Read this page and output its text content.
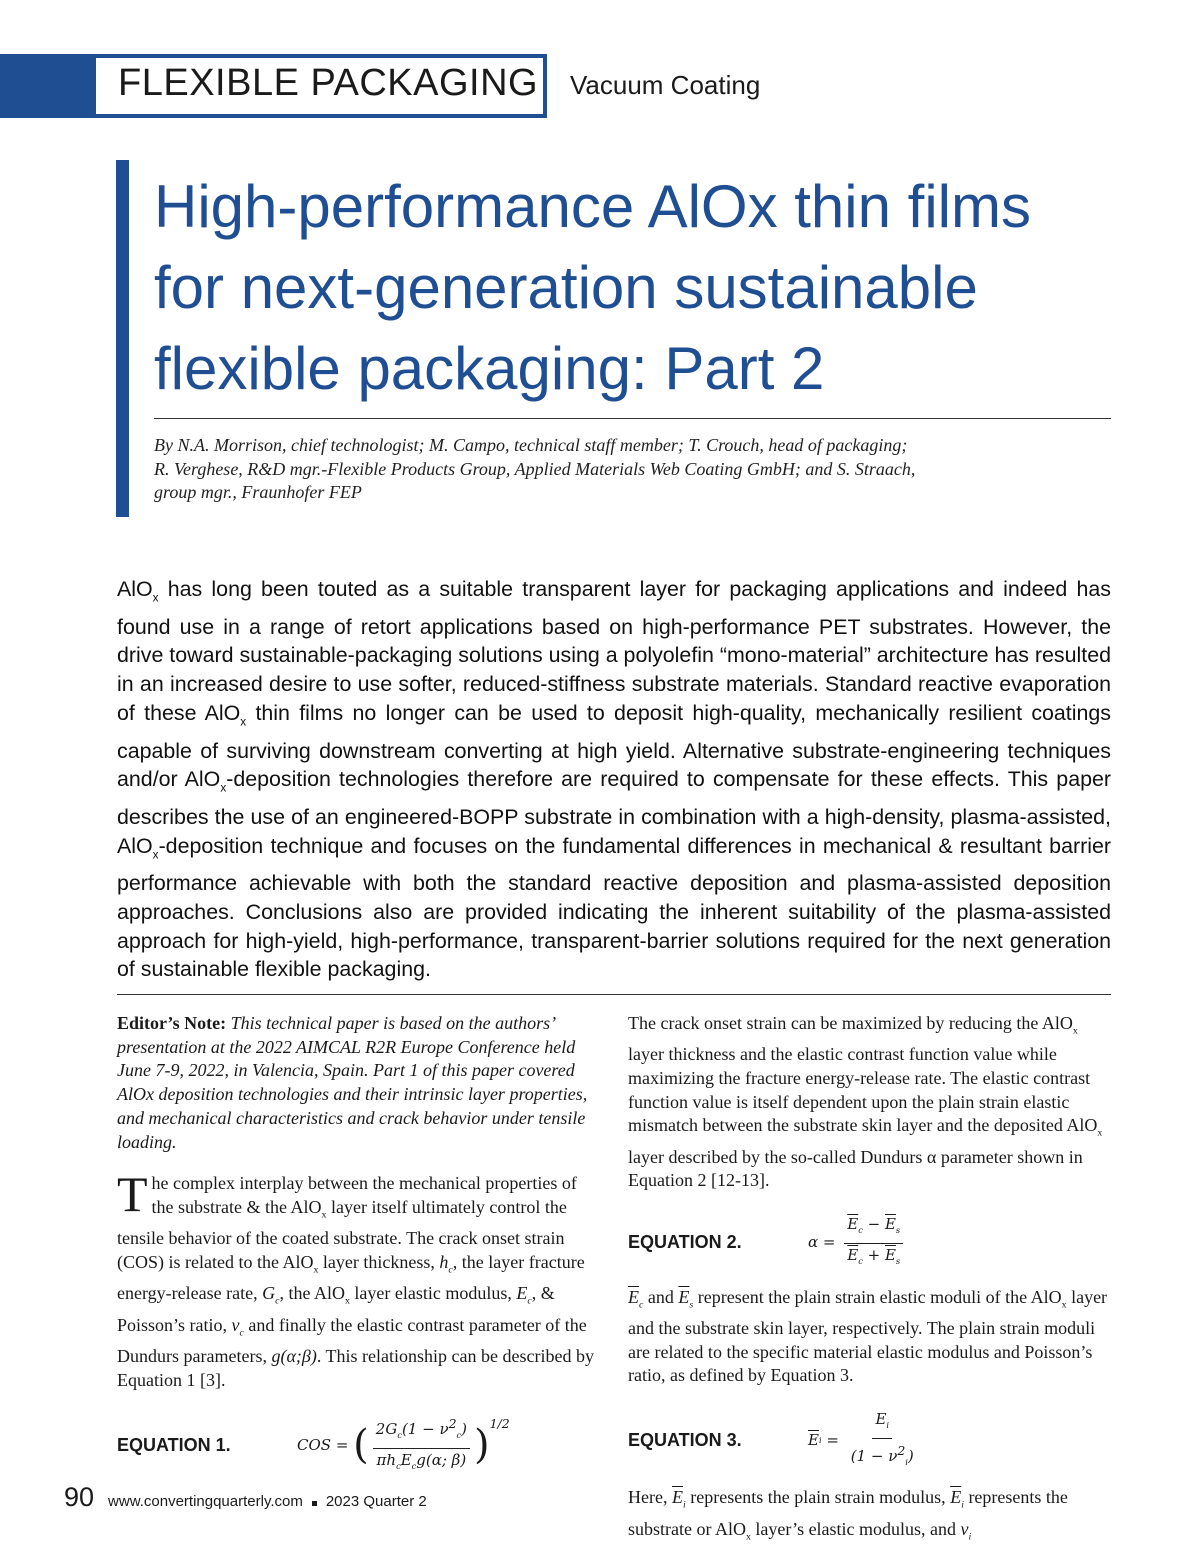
FLEXIBLE PACKAGING Vacuum Coating
High-performance AlOx thin films for next-generation sustainable flexible packaging: Part 2
By N.A. Morrison, chief technologist; M. Campo, technical staff member; T. Crouch, head of packaging;
R. Verghese, R&D mgr.-Flexible Products Group, Applied Materials Web Coating GmbH; and S. Straach,
group mgr., Fraunhofer FEP
AlO$_x$ has long been touted as a suitable transparent layer for packaging applications and indeed has found use in a range of retort applications based on high-performance PET substrates. However, the drive toward sustainable-packaging solutions using a polyolefin “mono-material” architecture has resulted in an increased desire to use softer, reduced-stiffness substrate materials. Standard reactive evaporation of these AlO$_x$ thin films no longer can be used to deposit high-quality, mechanically resilient coatings capable of surviving downstream converting at high yield. Alternative substrate-engineering techniques and/or AlO$_x$-deposition technologies therefore are required to compensate for these effects. This paper describes the use of an engineered-BOPP substrate in combination with a high-density, plasma-assisted, AlO$_x$-deposition technique and focuses on the fundamental differences in mechanical & resultant barrier performance achievable with both the standard reactive deposition and plasma-assisted deposition approaches. Conclusions also are provided indicating the inherent suitability of the plasma-assisted approach for high-yield, high-performance, transparent-barrier solutions required for the next generation of sustainable flexible packaging.
Editor’s Note: This technical paper is based on the authors’ presentation at the 2022 AIMCAL R2R Europe Conference held June 7-9, 2022, in Valencia, Spain. Part 1 of this paper covered AlOx deposition technologies and their intrinsic layer properties, and mechanical characteristics and crack behavior under tensile loading.
The complex interplay between the mechanical properties of the substrate & the AlO$_x$ layer itself ultimately control the tensile behavior of the coated substrate. The crack onset strain (COS) is related to the AlO$_x$ layer thickness, $h_c$, the layer fracture energy-release rate, $G_c$, the AlO$_x$ layer elastic modulus, $E_c$, & Poisson’s ratio, $v_c$ and finally the elastic contrast parameter of the Dundurs parameters, g(α;β). This relationship can be described by Equation 1 [3].
EQUATION 1.	COS = ( $\frac{2G_c(1 - \nu^2_c)}{\pi h_cE_cg(\alpha; \beta)} )^{1/2}$
The crack onset strain can be maximized by reducing the AlO$_x$ layer thickness and the elastic contrast function value while maximizing the fracture energy-release rate. The elastic contrast function value is itself dependent upon the plain strain elastic mismatch between the substrate skin layer and the deposited AlO$_x$ layer described by the so-called Dundurs α parameter shown in Equation 2 [12-13].
EQUATION 2.	$\alpha = \frac{\overline{E}_c - \overline{E}_s}{\overline{E}_c + \overline{E}_s}$
$\overline{E}_c$ and $\overline{E}_s$ represent the plain strain elastic moduli of the AlO$_x$ layer and the substrate skin layer, respectively. The plain strain moduli are related to the specific material elastic modulus and Poisson’s ratio, as defined by Equation 3.
EQUATION 3.	$\overline{E}$ $i = \frac{E_i}{(1 - \nu^2_i)}$
Here, $\overline{E}_i$ represents the plain strain modulus, $\overline{E}_i$ represents the substrate or AlO$_x$ layer’s elastic modulus, and $v_i$
90 www.convertingquarterly.com 2023 Quarter 2
